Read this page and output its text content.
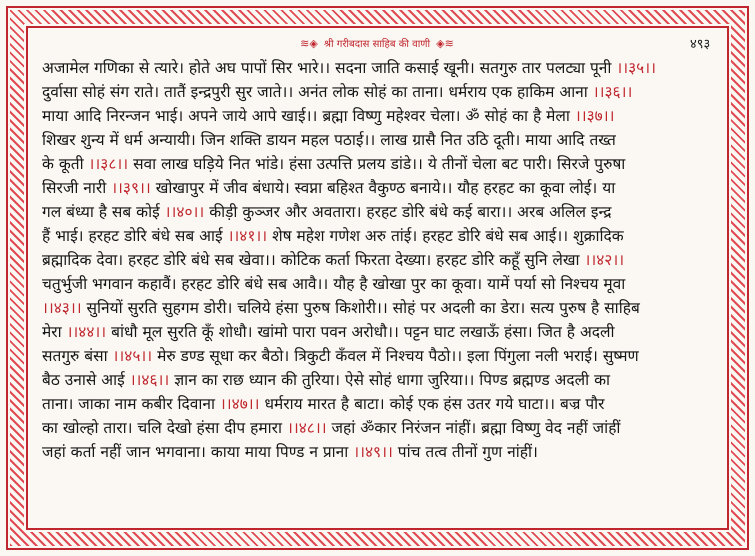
≋◈ श्री गरीबदास साहिब की वाणी ◈≋	४९३
अजामेल गणिका से त्यारे। होते अघ पापों सिर भारे।। सदना जाति कसाई खूनी। सतगुरु तार पलट्या पूनी ।।३५।।
दुर्वासा सोहं संग राते। तातैं इन्द्रपुरी सुर जाते।। अनंत लोक सोहं का ताना। धर्मराय एक हाकिम आना ।।३६।।
माया आदि निरन्जन भाई। अपने जाये आपे खाई।। ब्रह्मा विष्णु महेश्वर चेला। ॐ सोहं का है मेला ।।३७।।
शिखर शुन्य में धर्म अन्यायी। जिन शक्ति डायन महल पठाई।। लाख ग्रासै नित उठि दूती। माया आदि तख्त
के कूती ।।३८।। सवा लाख घड़िये नित भांडे। हंसा उत्पत्ति प्रलय डांडे।। ये तीनों चेला बट पारी। सिरजे पुरुषा
सिरजी नारी ।।३९।। खोखापुर में जीव बंधाये। स्वप्ना बहिश्त वैकुण्ठ बनाये।। यौह हरहट का कूवा लोई। या
गल बंध्या है सब कोई ।।४०।। कीड़ी कुञ्जर और अवतारा। हरहट डोरि बंधे कई बारा।। अरब अलिल इन्द्र
हैं भाई। हरहट डोरि बंधे सब आई ।।४१।। शेष महेश गणेश अरु तांई। हरहट डोरि बंधे सब आई।। शुक्रादिक
ब्रह्मादिक देवा। हरहट डोरि बंधे सब खेवा।। कोटिक कर्ता फिरता देख्या। हरहट डोरि कहूँ सुनि लेखा ।।४२।।
चतुर्भुजी भगवान कहावैं। हरहट डोरि बंधे सब आवै।। यौह है खोखा पुर का कूवा। यामें पर्या सो निश्चय मूवा
।।४३।। सुनियों सुरति सुहगम डोरी। चलिये हंसा पुरुष किशोरी।। सोहं पर अदली का डेरा। सत्य पुरुष है साहिब
मेरा ।।४४।। बांधौ मूल सुरति कूँ शोधौ। खांमो पारा पवन अरोधौ।। पट्टन घाट लखाऊँ हंसा। जित है अदली
सतगुरु बंसा ।।४५।। मेरु डण्ड सूधा कर बैठो। त्रिकुटी कँवल में निश्चय पैठो।। इला पिंगुला नली भराई। सुष्मण
बैठ उनासे आई ।।४६।। ज्ञान का राछ ध्यान की तुरिया। ऐसे सोहं धागा जुरिया।। पिण्ड ब्रह्मण्ड अदली का
ताना। जाका नाम कबीर दिवाना ।।४७।। धर्मराय मारत है बाटा। कोई एक हंस उतर गये घाटा।। बज्र पौर
का खोल्हो तारा। चलि देखो हंसा दीप हमारा ।।४८।। जहां ॐकार निरंजन नांहीं। ब्रह्मा विष्णु वेद नहीं जांहीं
जहां कर्ता नहीं जान भगवाना। काया माया पिण्ड न प्राना ।।४९।। पांच तत्व तीनों गुण नांहीं।
